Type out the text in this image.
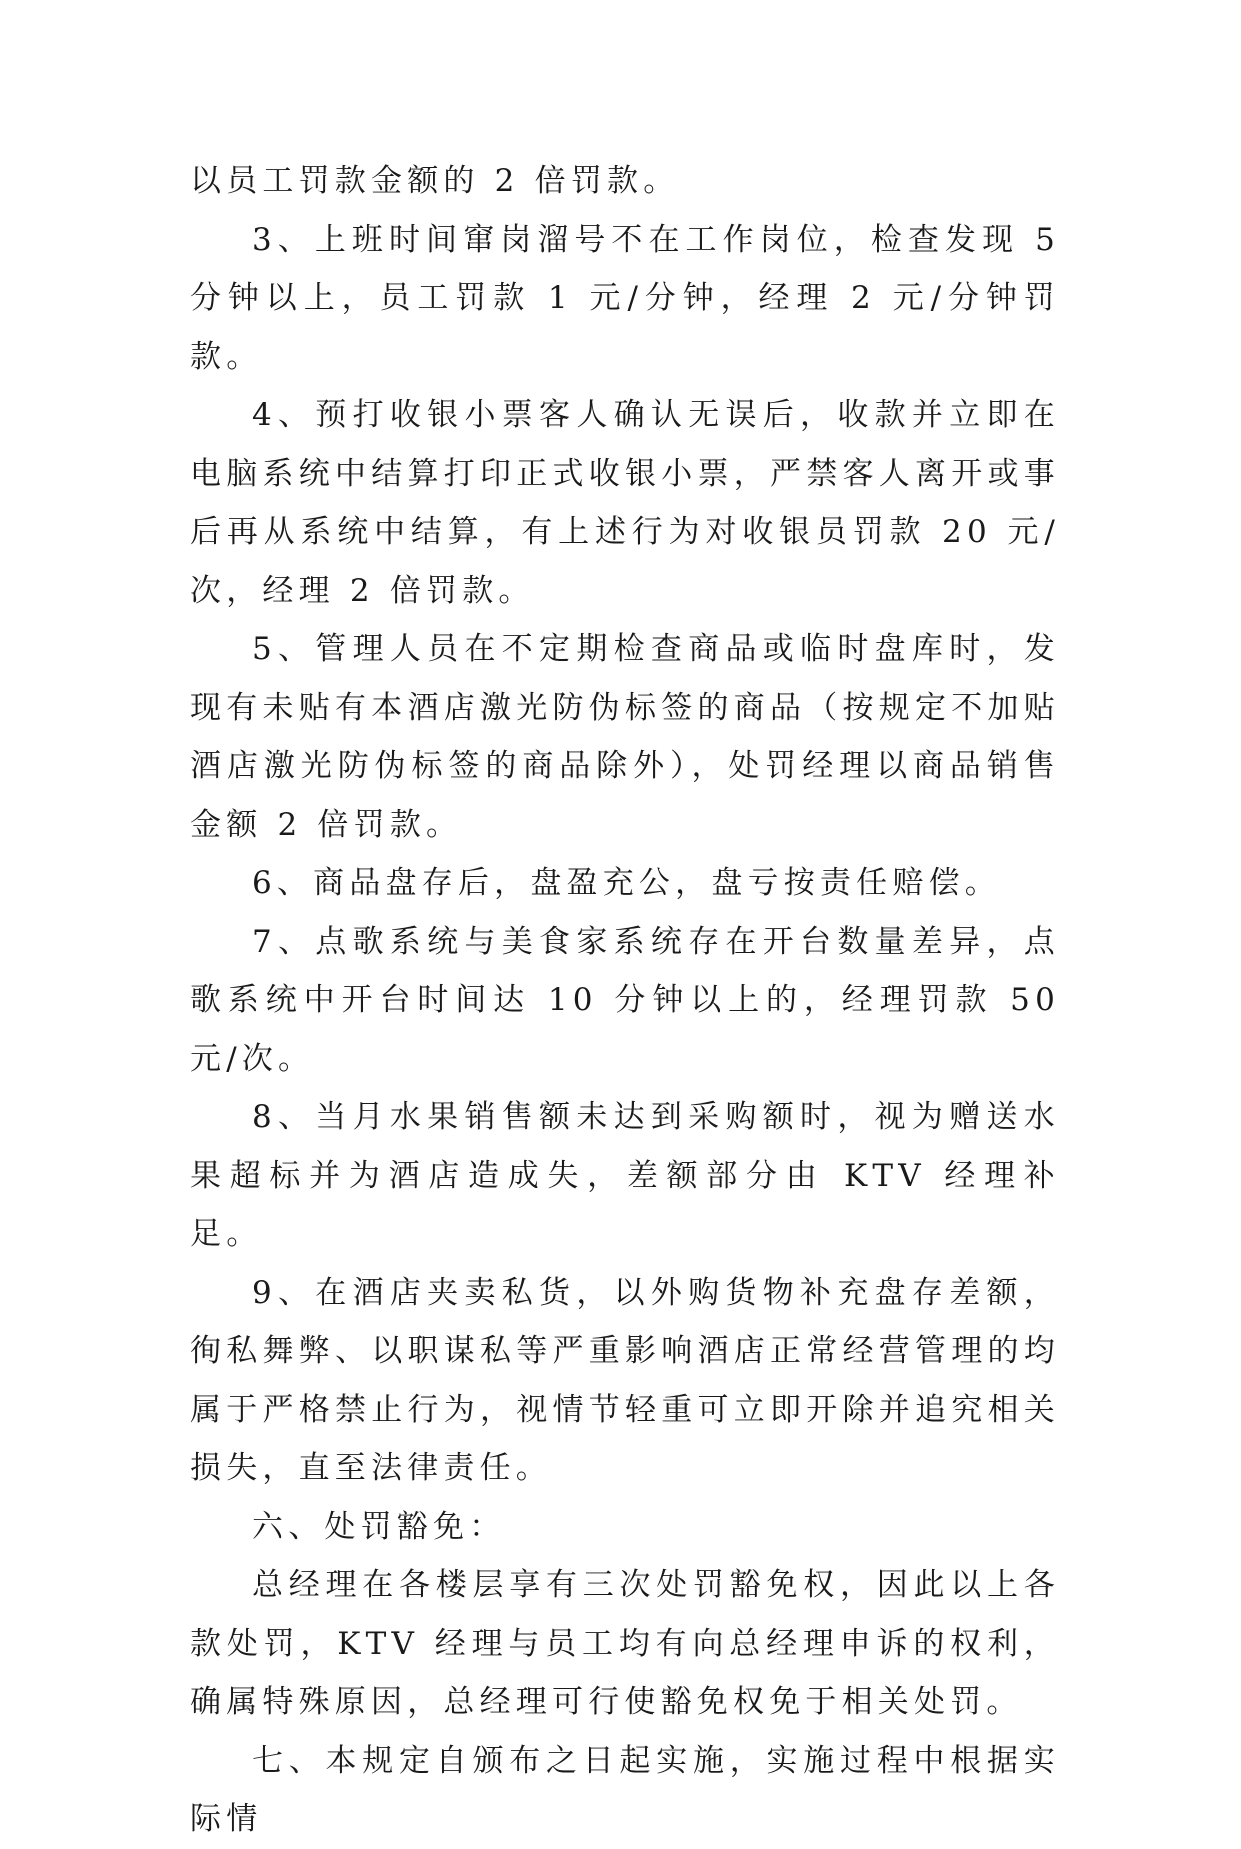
以员工罚款金额的 2 倍罚款。

3、上班时间窜岗溜号不在工作岗位，检查发现 5 分钟以上，员工罚款 1 元/分钟，经理 2 元/分钟罚款。

4、预打收银小票客人确认无误后，收款并立即在电脑系统中结算打印正式收银小票，严禁客人离开或事后再从系统中结算，有上述行为对收银员罚款 20 元/次，经理 2 倍罚款。

5、管理人员在不定期检查商品或临时盘库时，发现有未贴有本酒店激光防伪标签的商品（按规定不加贴酒店激光防伪标签的商品除外），处罚经理以商品销售金额 2 倍罚款。

6、商品盘存后，盘盈充公，盘亏按责任赔偿。

7、点歌系统与美食家系统存在开台数量差异，点歌系统中开台时间达 10 分钟以上的，经理罚款 50 元/次。

8、当月水果销售额未达到采购额时，视为赠送水果超标并为酒店造成失，差额部分由 KTV 经理补足。

9、在酒店夹卖私货，以外购货物补充盘存差额，徇私舞弊、以职谋私等严重影响酒店正常经营管理的均属于严格禁止行为，视情节轻重可立即开除并追究相关损失，直至法律责任。

六、处罚豁免：

总经理在各楼层享有三次处罚豁免权，因此以上各款处罚，KTV 经理与员工均有向总经理申诉的权利，确属特殊原因，总经理可行使豁免权免于相关处罚。

七、本规定自颁布之日起实施，实施过程中根据实际情
